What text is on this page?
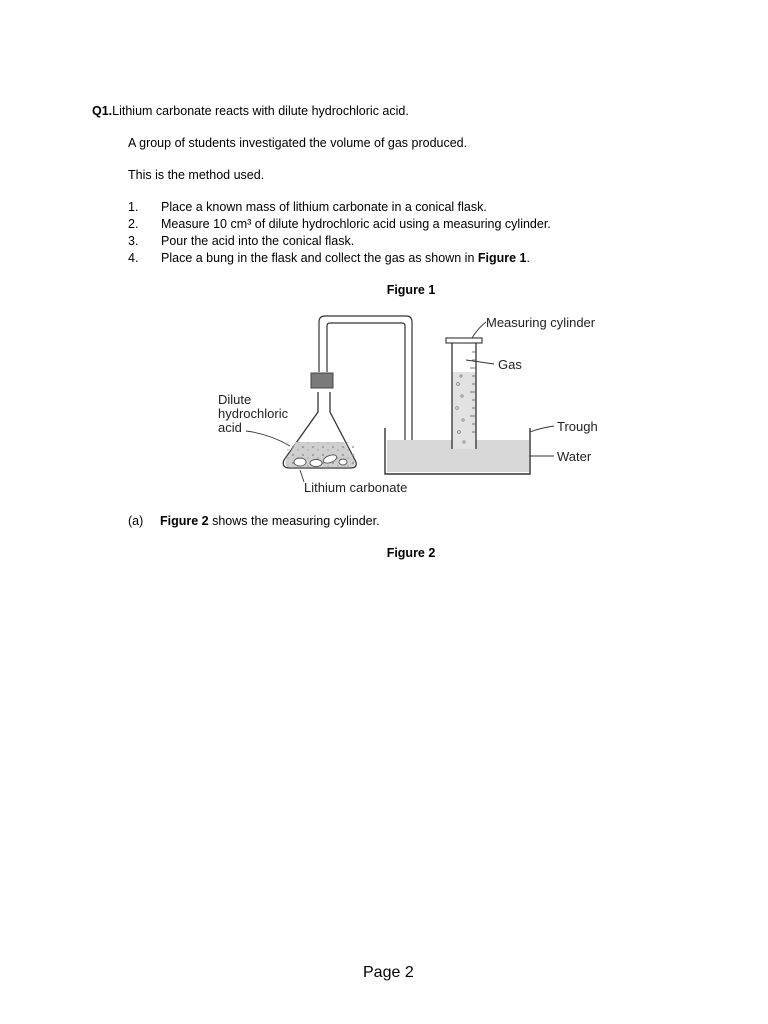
Q1.Lithium carbonate reacts with dilute hydrochloric acid.
A group of students investigated the volume of gas produced.
This is the method used.
1. Place a known mass of lithium carbonate in a conical flask.
2. Measure 10 cm³ of dilute hydrochloric acid using a measuring cylinder.
3. Pour the acid into the conical flask.
4. Place a bung in the flask and collect the gas as shown in Figure 1.
Figure 1
Measuring cylinder
Gas
Dilute
hydrochloric
acid	Trough
Water
Lithium carbonate
(a) Figure 2 shows the measuring cylinder.
Figure 2
Page 2
